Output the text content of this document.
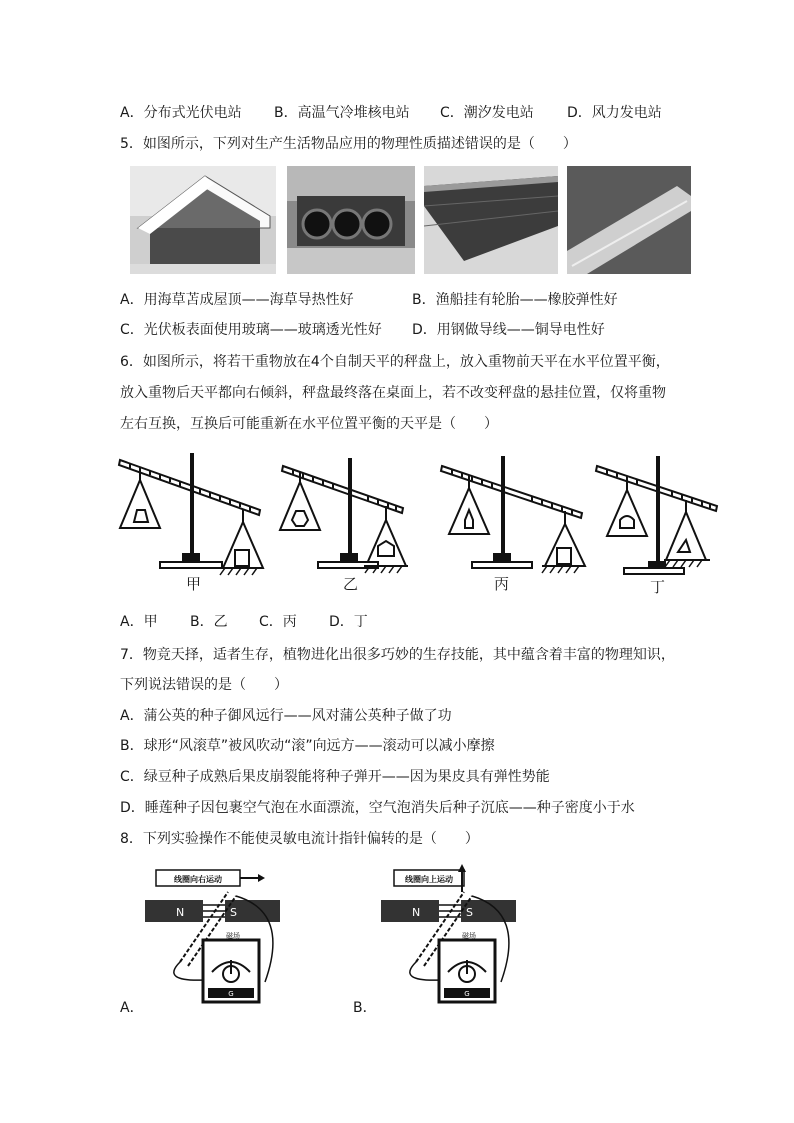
A．分布式光伏电站 B．高温气冷堆核电站 C．潮汐发电站 D．风力发电站
5．如图所示，下列对生产生活物品应用的物理性质描述错误的是（　　）
A．用海草苫成屋顶——海草导热性好	B．渔船挂有轮胎——橡胶弹性好
C．光伏板表面使用玻璃——玻璃透光性好 D．用钢做导线——铜导电性好
6．如图所示，将若干重物放在4个自制天平的秤盘上，放入重物前天平在水平位置平衡，
放入重物后天平都向右倾斜，秤盘最终落在桌面上，若不改变秤盘的悬挂位置，仅将重物
左右互换，互换后可能重新在水平位置平衡的天平是（　　）
甲	乙	丙	丁
A．甲 B．乙 C．丙 D．丁
7．物竞天择，适者生存，植物进化出很多巧妙的生存技能，其中蕴含着丰富的物理知识，
下列说法错误的是（　　）
A．蒲公英的种子御风远行——风对蒲公英种子做了功
B．球形“风滚草”被风吹动“滚”向远方——滚动可以减小摩擦
C．绿豆种子成熟后果皮崩裂能将种子弹开——因为果皮具有弹性势能
D．睡莲种子因包裹空气泡在水面漂流，空气泡消失后种子沉底——种子密度小于水
8．下列实验操作不能使灵敏电流计指针偏转的是（　　）
线圈向右运动
N	S
磁场
G
A．
线圈向上运动
N	S
磁场
G
B．
